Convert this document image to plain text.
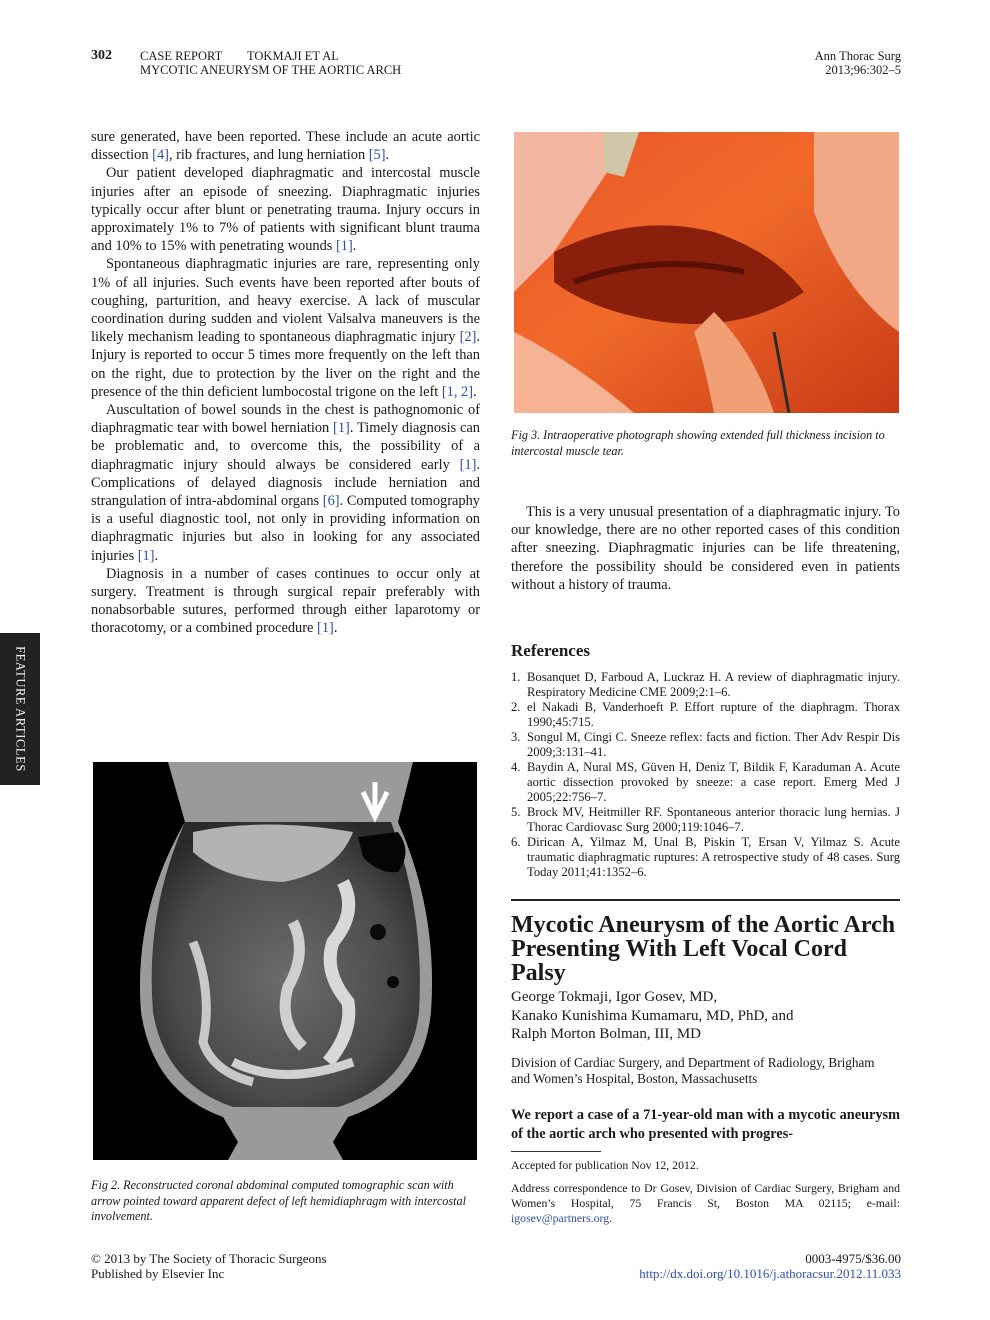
302 CASE REPORT TOKMAJI ET AL
MYCOTIC ANEURYSM OF THE AORTIC ARCH
Ann Thorac Surg
2013;96:302–5
FEATURE ARTICLES

sure generated, have been reported. These include an acute aortic dissection [4], rib fractures, and lung herniation [5].

Our patient developed diaphragmatic and intercostal muscle injuries after an episode of sneezing. Diaphragmatic injuries typically occur after blunt or penetrating trauma. Injury occurs in approximately 1% to 7% of patients with significant blunt trauma and 10% to 15% with penetrating wounds [1].

Spontaneous diaphragmatic injuries are rare, representing only 1% of all injuries. Such events have been reported after bouts of coughing, parturition, and heavy exercise. A lack of muscular coordination during sudden and violent Valsalva maneuvers is the likely mechanism leading to spontaneous diaphragmatic injury [2]. Injury is reported to occur 5 times more frequently on the left than on the right, due to protection by the liver on the right and the presence of the thin deficient lumbocostal trigone on the left [1, 2].

Auscultation of bowel sounds in the chest is pathognomonic of diaphragmatic tear with bowel herniation [1]. Timely diagnosis can be problematic and, to overcome this, the possibility of a diaphragmatic injury should always be considered early [1]. Complications of delayed diagnosis include herniation and strangulation of intra-abdominal organs [6]. Computed tomography is a useful diagnostic tool, not only in providing information on diaphragmatic injuries but also in looking for any associated injuries [1].

Diagnosis in a number of cases continues to occur only at surgery. Treatment is through surgical repair preferably with nonabsorbable sutures, performed through either laparotomy or thoracotomy, or a combined procedure [1].

Fig 2. Reconstructed coronal abdominal computed tomographic scan with arrow pointed toward apparent defect of left hemidiaphragm with intercostal involvement.
Fig 3. Intraoperative photograph showing extended full thickness incision to intercostal muscle tear.

This is a very unusual presentation of a diaphragmatic injury. To our knowledge, there are no other reported cases of this condition after sneezing. Diaphragmatic injuries can be life threatening, therefore the possibility should be considered even in patients without a history of trauma.

References
1. Bosanquet D, Farboud A, Luckraz H. A review of diaphragmatic injury. Respiratory Medicine CME 2009;2:1–6.
2. el Nakadi B, Vanderhoeft P. Effort rupture of the diaphragm. Thorax 1990;45:715.
3. Songul M, Cingi C. Sneeze reflex: facts and fiction. Ther Adv Respir Dis 2009;3:131–41.
4. Baydin A, Nural MS, Güven H, Deniz T, Bildik F, Karaduman A. Acute aortic dissection provoked by sneeze: a case report. Emerg Med J 2005;22:756–7.
5. Brock MV, Heitmiller RF. Spontaneous anterior thoracic lung hernias. J Thorac Cardiovasc Surg 2000;119:1046–7.
6. Dirican A, Yilmaz M, Unal B, Piskin T, Ersan V, Yilmaz S. Acute traumatic diaphragmatic ruptures: A retrospective study of 48 cases. Surg Today 2011;41:1352–6.
Mycotic Aneurysm of the Aortic Arch Presenting With Left Vocal Cord Palsy
George Tokmaji, Igor Gosev, MD,
Kanako Kunishima Kumamaru, MD, PhD, and
Ralph Morton Bolman, III, MD
Division of Cardiac Surgery, and Department of Radiology, Brigham and Women’s Hospital, Boston, Massachusetts
We report a case of a 71-year-old man with a mycotic aneurysm of the aortic arch who presented with progres-
Accepted for publication Nov 12, 2012.
Address correspondence to Dr Gosev, Division of Cardiac Surgery, Brigham and Women’s Hospital, 75 Francis St, Boston MA 02115; e-mail: igosev@partners.org.
© 2013 by The Society of Thoracic Surgeons
Published by Elsevier Inc
0003-4975/$36.00
http://dx.doi.org/10.1016/j.athoracsur.2012.11.033
